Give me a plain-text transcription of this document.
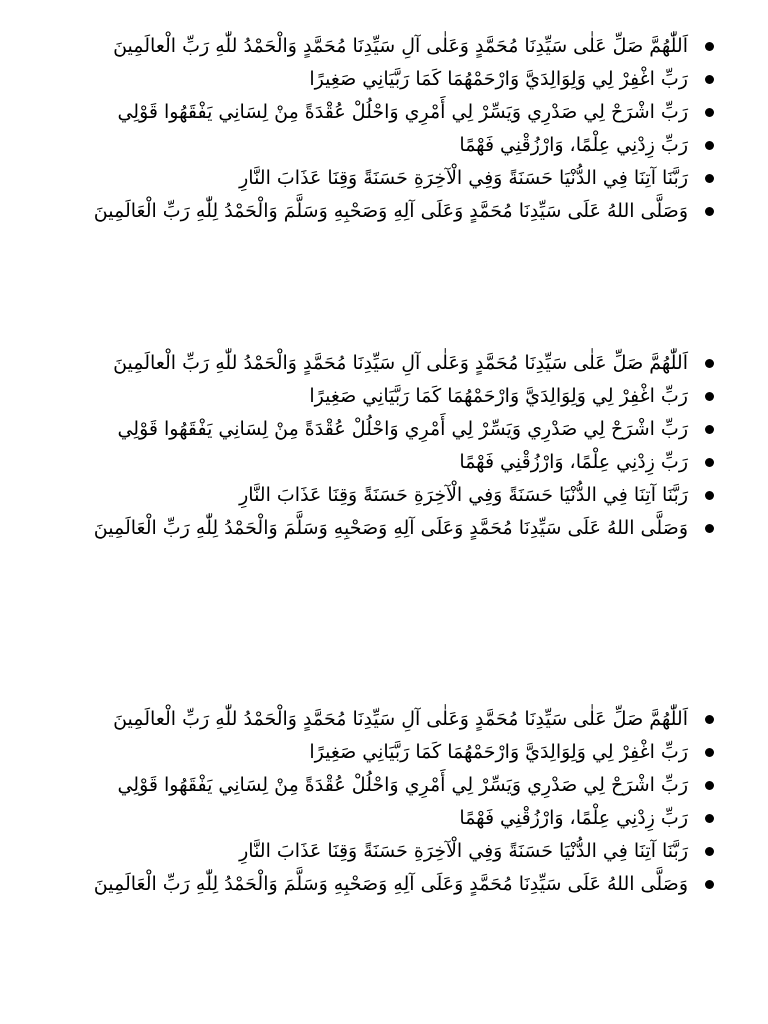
اَللّٰهُمَّ صَلِّ عَلٰى سَيِّدِنَا مُحَمَّدٍ وَعَلٰى آلِ سَيِّدِنَا مُحَمَّدٍ وَالْحَمْدُ للّٰهِ رَبِّ الْعالَمِينَ
رَبِّ اغْفِرْ لِي وَلِوَالِدَيَّ وَارْحَمْهُمَا كَمَا رَبَّيَانِي صَغِيرًا
رَبِّ اشْرَحْ لِي صَدْرِي وَيَسِّرْ لِي أَمْرِي وَاحْلُلْ عُقْدَةً مِنْ لِسَانِي يَفْقَهُوا قَوْلِي
رَبِّ زِدْنِي عِلْمًا، وَارْزُقْنِي فَهْمًا
رَبَّنَا آتِنَا فِي الدُّنْيَا حَسَنَةً وَفِي الْآخِرَةِ حَسَنَةً وَقِنَا عَذَابَ النَّارِ
وَصَلَّى اللهُ عَلَى سَيِّدِنَا مُحَمَّدٍ وَعَلَى آلِهِ وَصَحْبِهِ وَسَلَّمَ وَالْحَمْدُ لِلّٰهِ رَبِّ الْعَالَمِينَ
اَللّٰهُمَّ صَلِّ عَلٰى سَيِّدِنَا مُحَمَّدٍ وَعَلٰى آلِ سَيِّدِنَا مُحَمَّدٍ وَالْحَمْدُ للّٰهِ رَبِّ الْعالَمِينَ
رَبِّ اغْفِرْ لِي وَلِوَالِدَيَّ وَارْحَمْهُمَا كَمَا رَبَّيَانِي صَغِيرًا
رَبِّ اشْرَحْ لِي صَدْرِي وَيَسِّرْ لِي أَمْرِي وَاحْلُلْ عُقْدَةً مِنْ لِسَانِي يَفْقَهُوا قَوْلِي
رَبِّ زِدْنِي عِلْمًا، وَارْزُقْنِي فَهْمًا
رَبَّنَا آتِنَا فِي الدُّنْيَا حَسَنَةً وَفِي الْآخِرَةِ حَسَنَةً وَقِنَا عَذَابَ النَّارِ
وَصَلَّى اللهُ عَلَى سَيِّدِنَا مُحَمَّدٍ وَعَلَى آلِهِ وَصَحْبِهِ وَسَلَّمَ وَالْحَمْدُ لِلّٰهِ رَبِّ الْعَالَمِينَ
اَللّٰهُمَّ صَلِّ عَلٰى سَيِّدِنَا مُحَمَّدٍ وَعَلٰى آلِ سَيِّدِنَا مُحَمَّدٍ وَالْحَمْدُ للّٰهِ رَبِّ الْعالَمِينَ
رَبِّ اغْفِرْ لِي وَلِوَالِدَيَّ وَارْحَمْهُمَا كَمَا رَبَّيَانِي صَغِيرًا
رَبِّ اشْرَحْ لِي صَدْرِي وَيَسِّرْ لِي أَمْرِي وَاحْلُلْ عُقْدَةً مِنْ لِسَانِي يَفْقَهُوا قَوْلِي
رَبِّ زِدْنِي عِلْمًا، وَارْزُقْنِي فَهْمًا
رَبَّنَا آتِنَا فِي الدُّنْيَا حَسَنَةً وَفِي الْآخِرَةِ حَسَنَةً وَقِنَا عَذَابَ النَّارِ
وَصَلَّى اللهُ عَلَى سَيِّدِنَا مُحَمَّدٍ وَعَلَى آلِهِ وَصَحْبِهِ وَسَلَّمَ وَالْحَمْدُ لِلّٰهِ رَبِّ الْعَالَمِينَ
